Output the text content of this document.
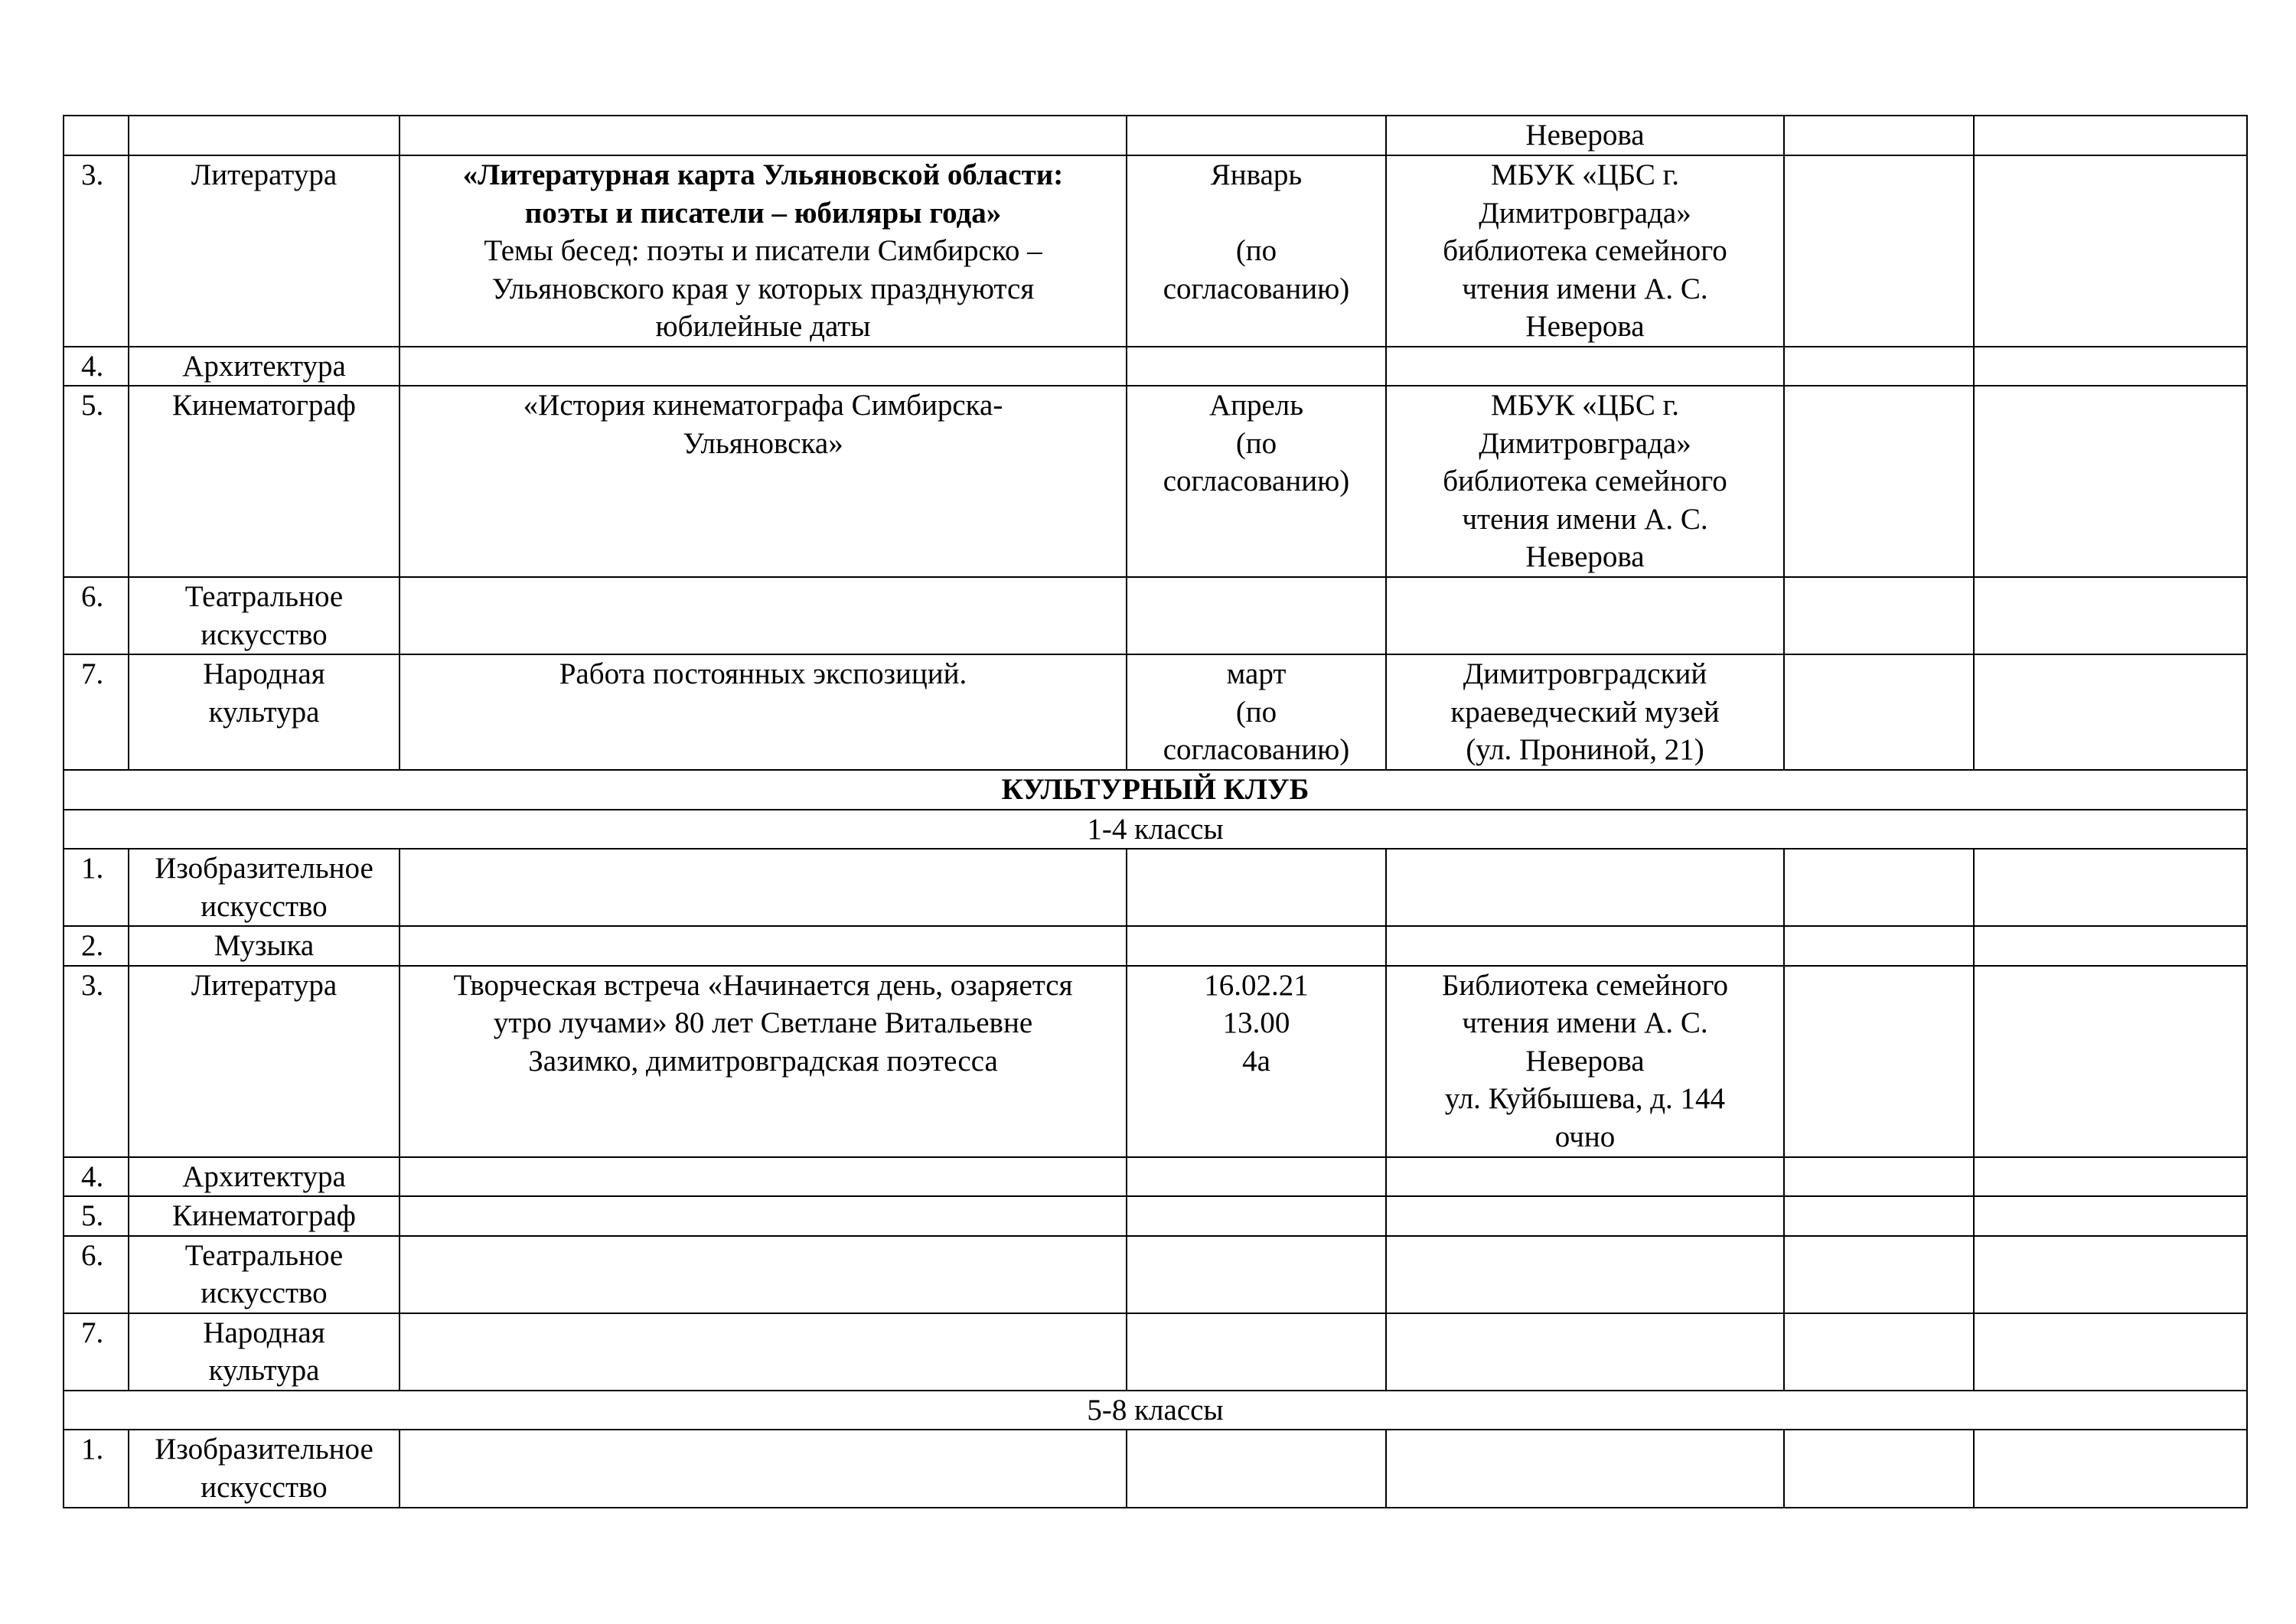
				Неверова		

3.	Литература	«Литературная карта Ульяновской области:
поэты и писатели – юбиляры года»
Темы бесед: поэты и писатели Симбирско –
Ульяновского края у которых празднуются
юбилейные даты	Январь

(по
согласованию)	МБУК «ЦБС г.
Димитровграда»
библиотека семейного
чтения имени А. С.
Неверова		

4.	Архитектура					

5.	Кинематограф	«История кинематографа Симбирска-
Ульяновска»	Апрель
(по
согласованию)	МБУК «ЦБС г.
Димитровграда»
библиотека семейного
чтения имени А. С.
Неверова		

6.	Театральное
искусство					

7.	Народная
культура	Работа постоянных экспозиций.	март
(по
согласованию)	Димитровградский
краеведческий музей
(ул. Прониной, 21)		

КУЛЬТУРНЫЙ КЛУБ						
1-4 классы						
1.	Изобразительное
искусство					

2.	Музыка					

3.	Литература	Творческая встреча «Начинается день, озаряется
утро лучами» 80 лет Светлане Витальевне
Зазимко, димитровградская поэтесса	16.02.21
13.00
4а	Библиотека семейного
чтения имени А. С.
Неверова
ул. Куйбышева, д. 144
очно		

4.	Архитектура					

5.	Кинематограф					

6.	Театральное
искусство					

7.	Народная
культура					

5-8 классы						
1.	Изобразительное
искусство					
